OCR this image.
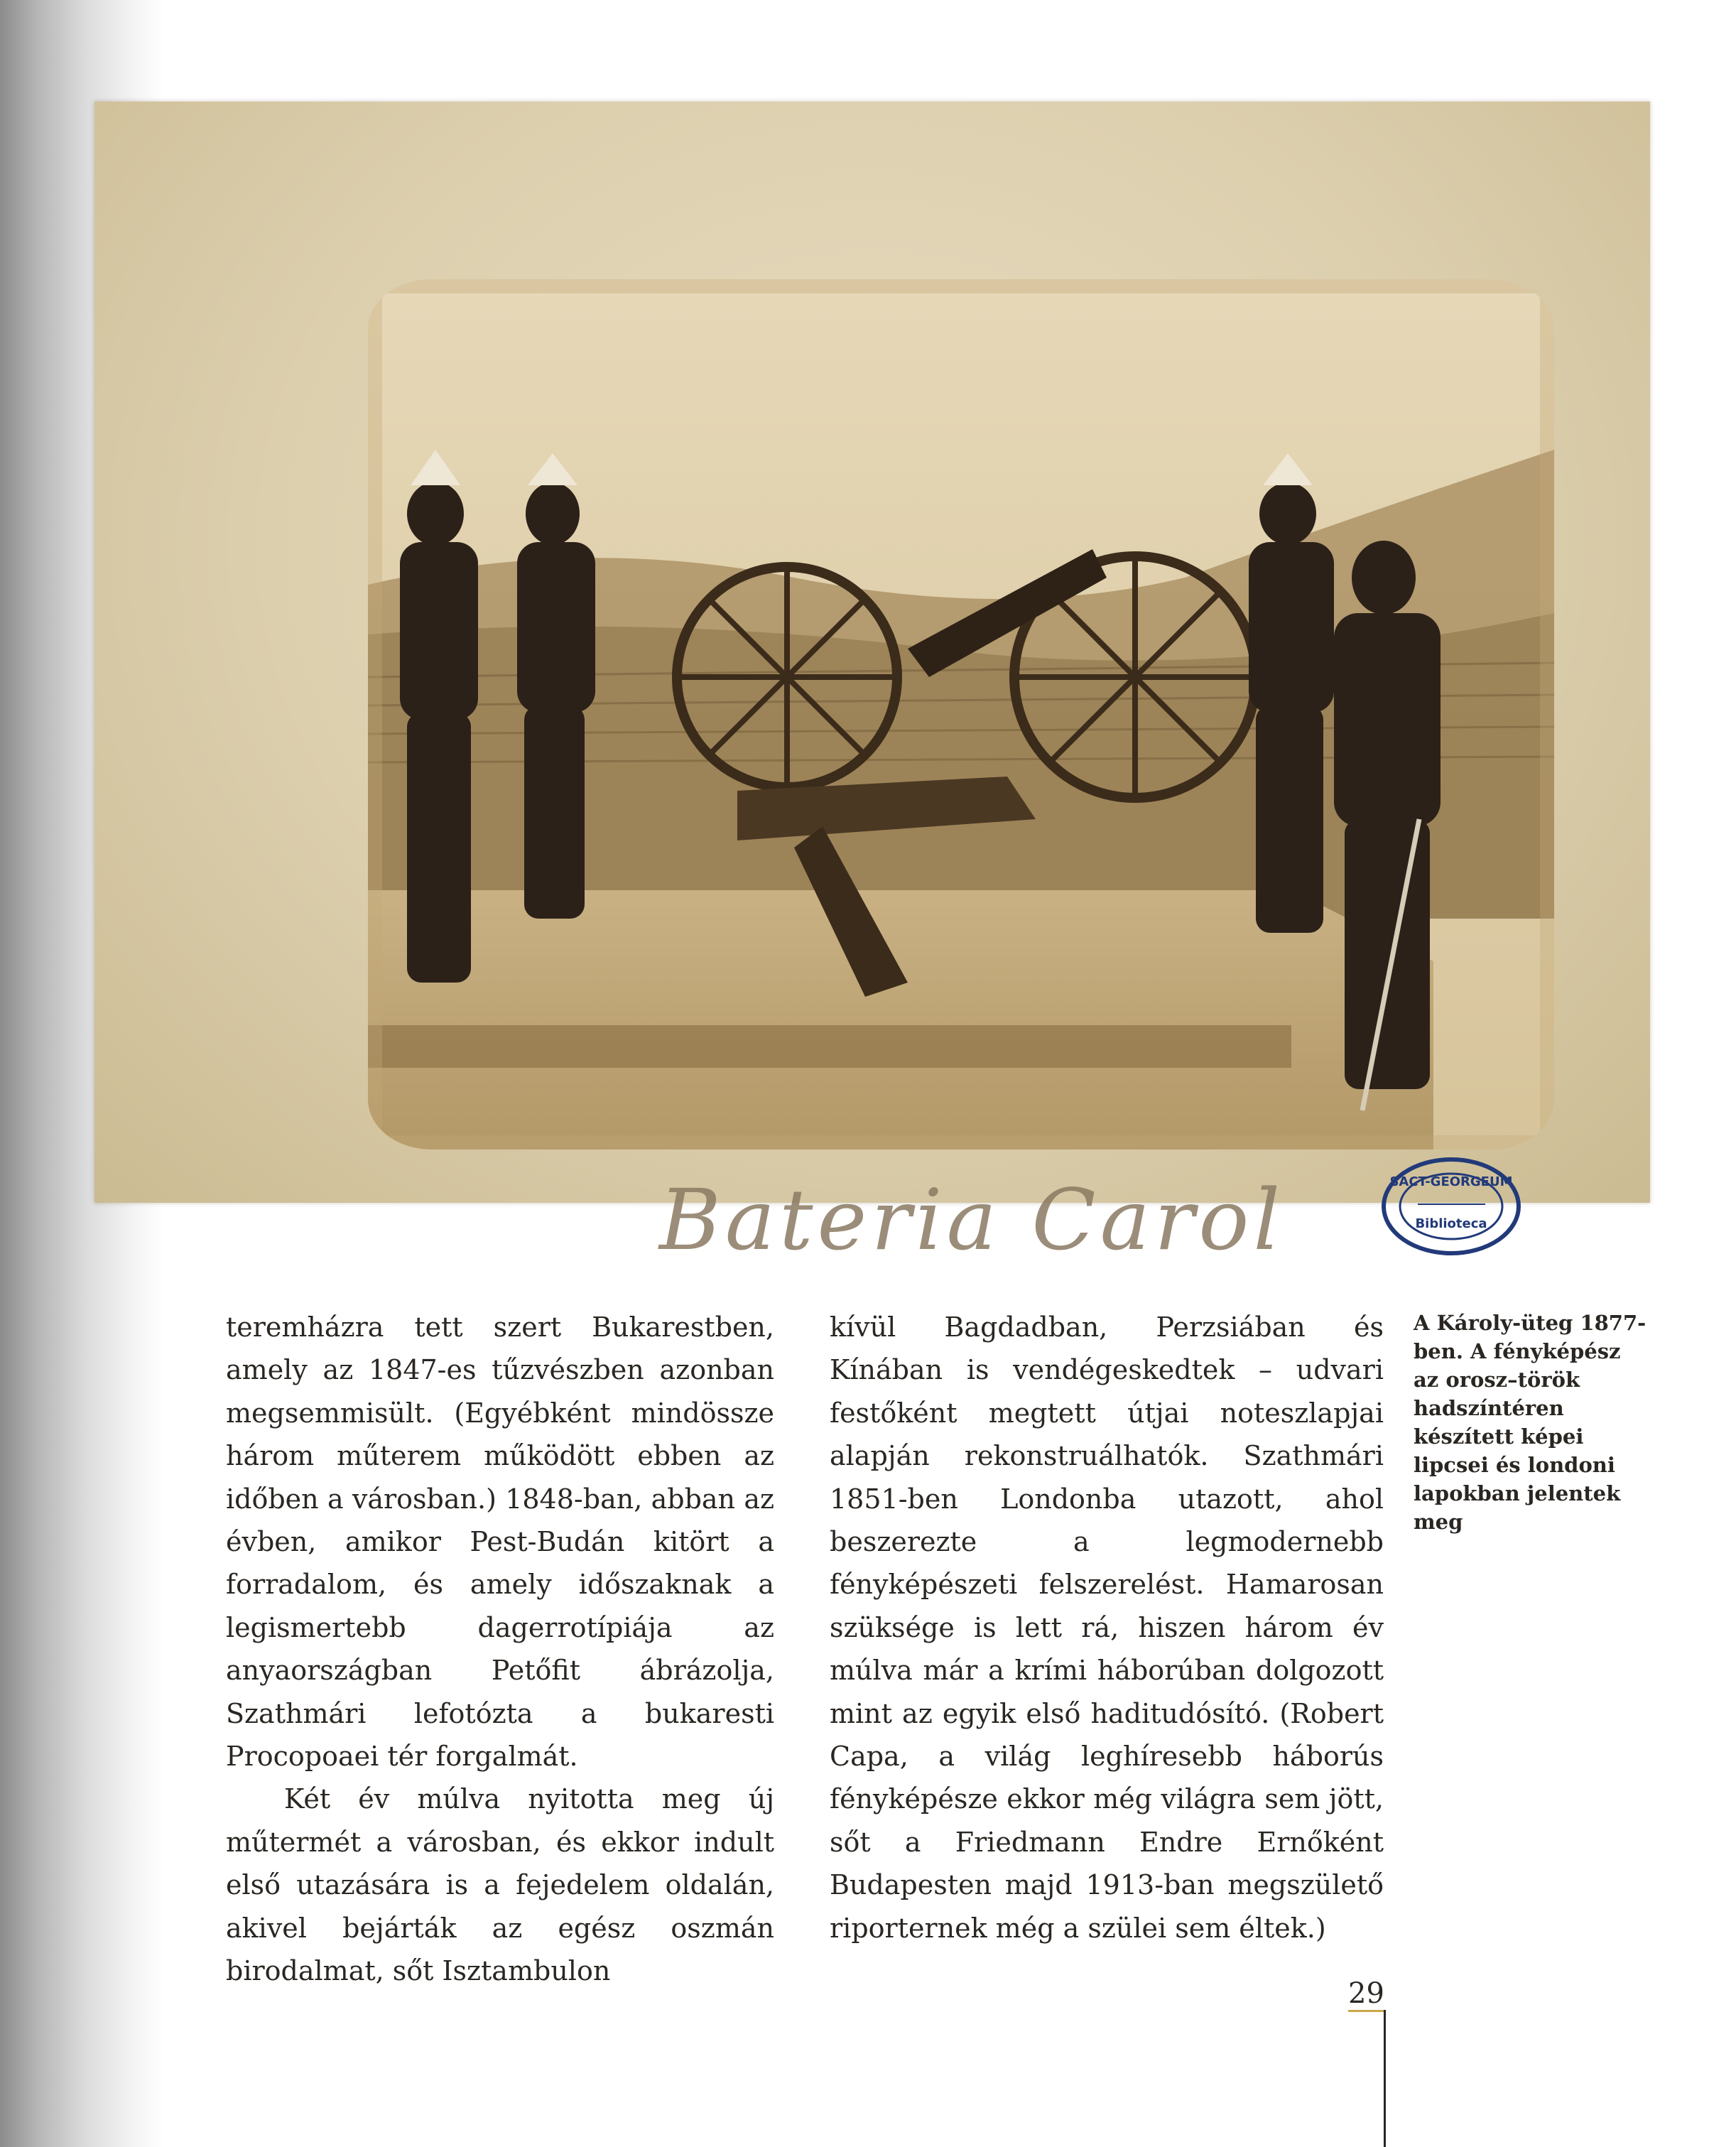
Bateria Carol	SACT-GEORGEUM
Biblioteca

teremházra tett szert Bukarestben, amely az 1847-es tűzvészben azonban megsemmisült. (Egyébként mindössze három műterem működött ebben az időben a városban.) 1848-ban, abban az évben, amikor Pest-Budán kitört a forradalom, és amely időszaknak a legismertebb dagerrotípiája az anyaországban Petőfit ábrázolja, Szathmári lefotózta a bukaresti Procopoaei tér forgalmát.

Két év múlva nyitotta meg új műtermét a városban, és ekkor indult első utazására is a fejedelem oldalán, akivel bejárták az egész oszmán birodalmat, sőt Isztambulon

kívül Bagdadban, Perzsiában és Kínában is vendégeskedtek – udvari festőként megtett útjai noteszlapjai alapján rekonstruálhatók. Szathmári 1851-ben Londonba utazott, ahol beszerezte a legmodernebb fényképészeti felszerelést. Hamarosan szüksége is lett rá, hiszen három év múlva már a krími háborúban dolgozott mint az egyik első haditudósító. (Robert Capa, a világ leghíresebb háborús fényképésze ekkor még világra sem jött, sőt a Friedmann Endre Ernőként Budapesten majd 1913-ban megszülető riporternek még a szülei sem éltek.)

A Károly-üteg 1877-ben. A fényképész az orosz–török hadszíntéren készített képei lipcsei és londoni lapokban jelentek meg
29
